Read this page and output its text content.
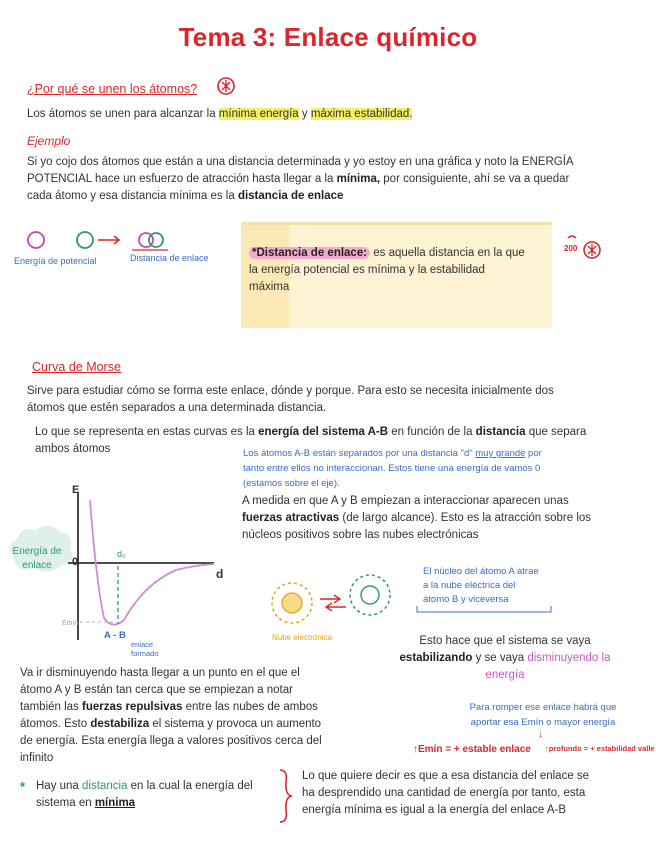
Tema 3: Enlace químico
¿Por qué se unen los átomos?
Los átomos se unen para alcanzar la mínima energía y máxima estabilidad.
Ejemplo
Si yo cojo dos átomos que están a una distancia determinada y yo estoy en una gráfica y noto la ENERGÍA
POTENCIAL hace un esfuerzo de atracción hasta llegar a la mínima, por consiguiente, ahí se va a quedar
cada átomo y esa distancia mínima es la distancia de enlace
Energía de potencial	Distancia de enlace	*Distancia de enlace: es aquella distancia en la que
la energía potencial es mínima y la estabilidad
máxima
200
Curva de Morse
Sirve para estudiar cómo se forma este enlace, dónde y porque. Para esto se necesita inicialmente dos
átomos que estén separados a una determinada distancia.
Lo que se representa en estas curvas es la energía del sistema A-B en función de la distancia que separa
ambos átomos	Los átomos A-B están separados por una distancia "d" muy grande por
tanto entre ellos no interaccionan. Estos tiene una energía de vamos 0
(estamos sobre el eje).
A medida en que A y B empiezan a interaccionar aparecen unas
fuerzas atractivas (de largo alcance). Esto es la atracción sobre los
núcleos positivos sobre las nubes electrónicas
E
0
d
d₀
Energía de
enlace
Emín
A - B
enlace
formado
Nube electrónica
El núcleo del átomo A atrae
a la nube eléctrica del
átomo B y viceversa
Esto hace que el sistema se vaya
estabilizando y se vaya disminuyendo la
energía
Va ir disminuyendo hasta llegar a un punto en el que el
átomo A y B están tan cerca que se empiezan a notar
también las fuerzas repulsivas entre las nubes de ambos
átomos. Esto destabiliza el sistema y provoca un aumento
de energía. Esta energía llega a valores positivos cerca del
infinito
Para romper ese enlace habrá que
aportar esa Emín o mayor energía
↓
↑Emín = + estable enlace ↑profundo = + estabilidad valle
* Hay una distancia en la cual la energía del
sistema en mínima
Lo que quiere decir es que a esa distancia del enlace se
ha desprendido una cantidad de energía por tanto, esta
energía mínima es igual a la energía del enlace A-B
